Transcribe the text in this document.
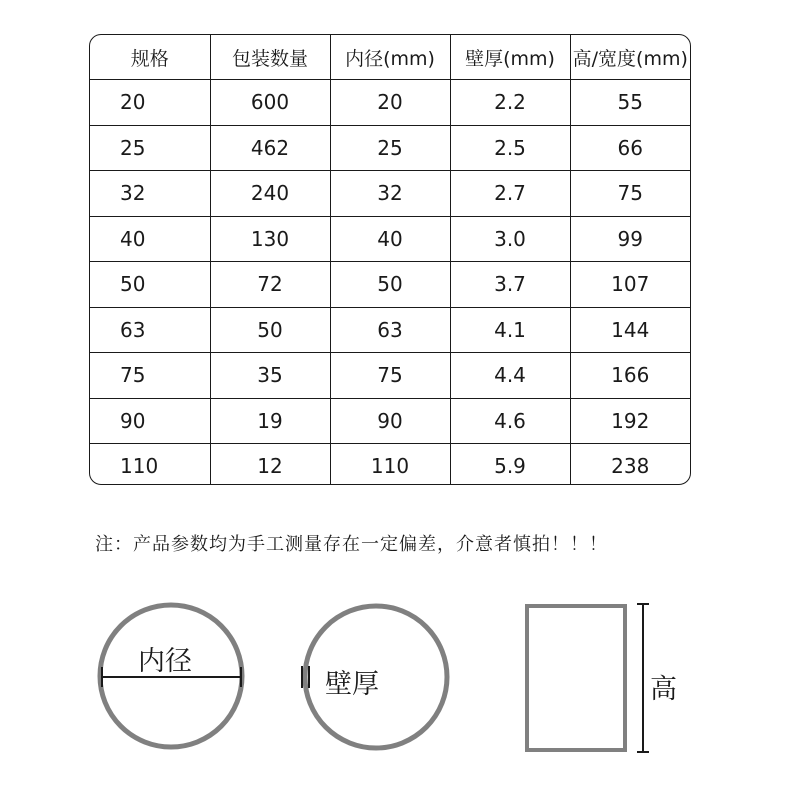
规格	包装数量	内径(mm)	壁厚(mm)	高/宽度(mm)
20	600	20	2.2	55
25	462	25	2.5	66
32	240	32	2.7	75
40	130	40	3.0	99
50	72	50	3.7	107
63	50	63	4.1	144
75	35	75	4.4	166
90	19	90	4.6	192
110	12	110	5.9	238
注：产品参数均为手工测量存在一定偏差，介意者慎拍！！！
内径
壁厚	高
